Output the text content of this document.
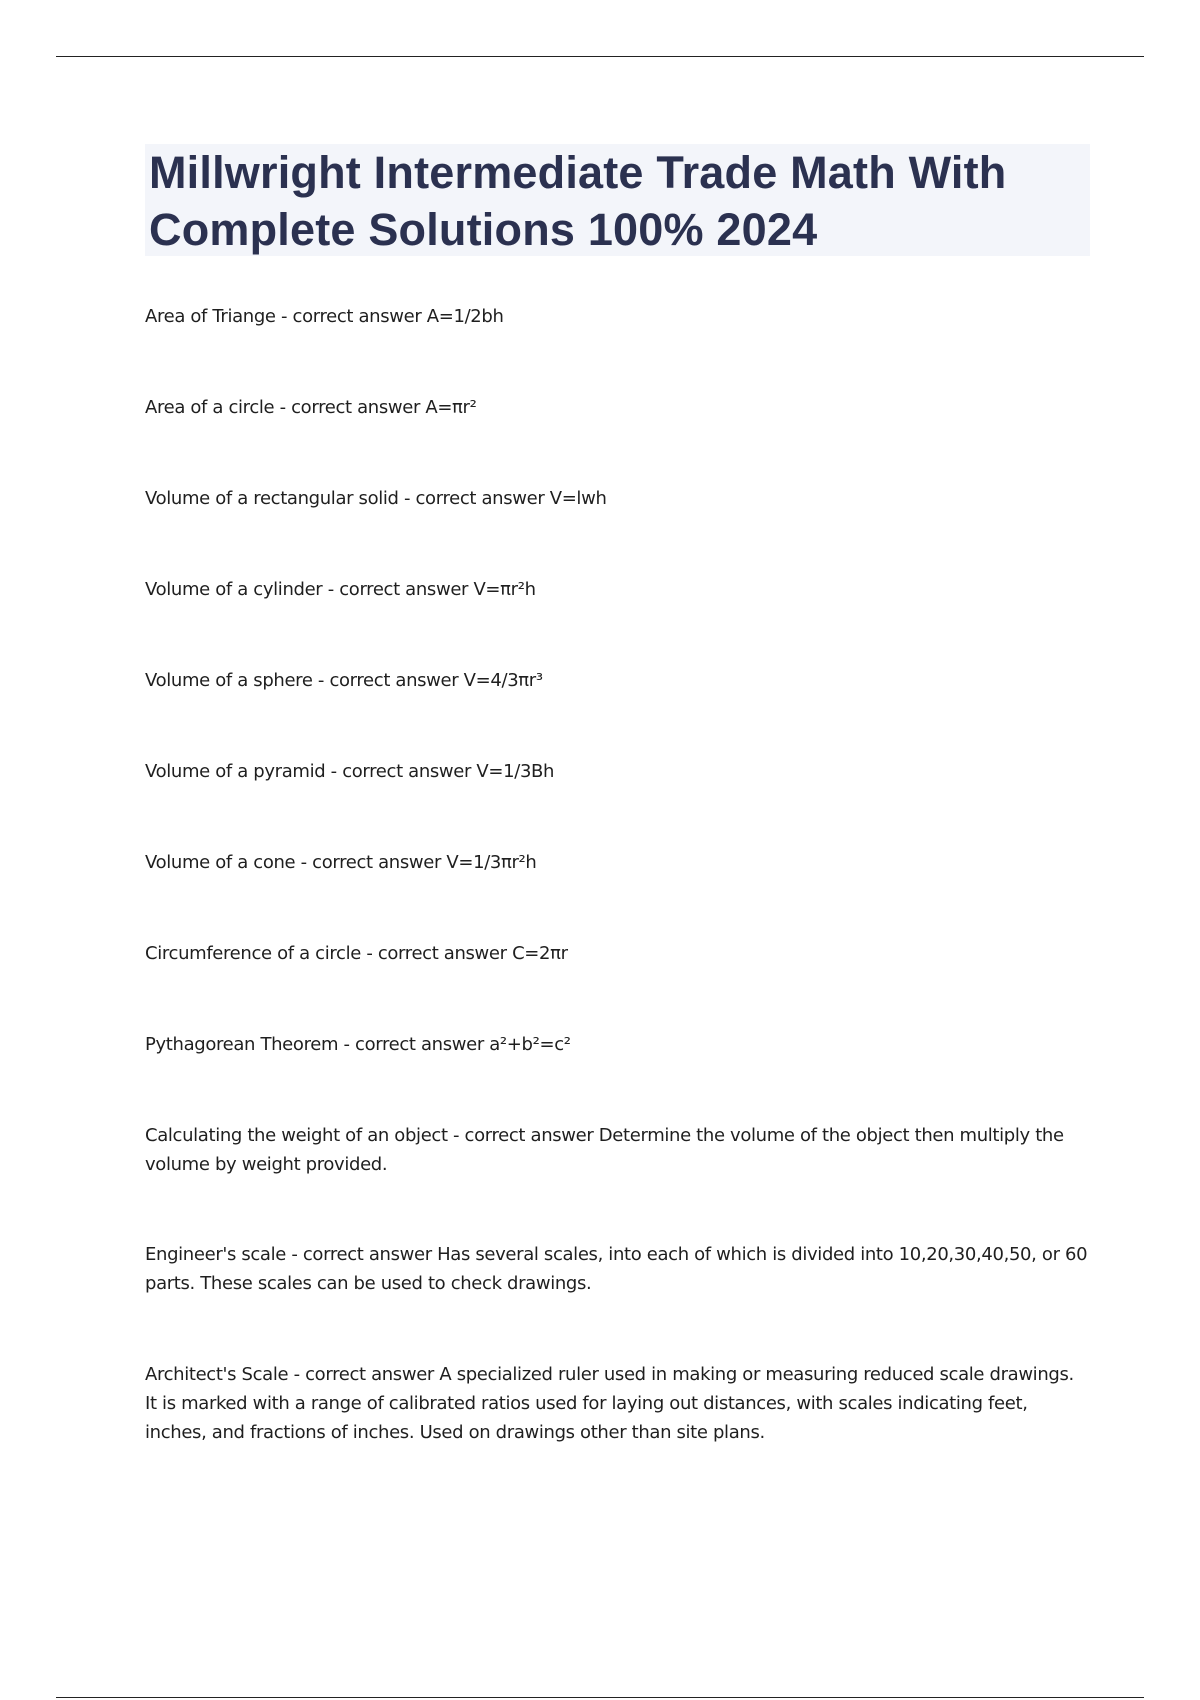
Millwright Intermediate Trade Math With Complete Solutions 100% 2024
Area of Triange - correct answer A=1/2bh
Area of a circle - correct answer A=πr²
Volume of a rectangular solid - correct answer V=lwh
Volume of a cylinder - correct answer V=πr²h
Volume of a sphere - correct answer V=4/3πr³
Volume of a pyramid - correct answer V=1/3Bh
Volume of a cone - correct answer V=1/3πr²h
Circumference of a circle - correct answer C=2πr
Pythagorean Theorem - correct answer a²+b²=c²
Calculating the weight of an object - correct answer Determine the volume of the object then multiply the volume by weight provided.
Engineer's scale - correct answer Has several scales, into each of which is divided into 10,20,30,40,50, or 60 parts. These scales can be used to check drawings.
Architect's Scale - correct answer A specialized ruler used in making or measuring reduced scale drawings. It is marked with a range of calibrated ratios used for laying out distances, with scales indicating feet, inches, and fractions of inches. Used on drawings other than site plans.
